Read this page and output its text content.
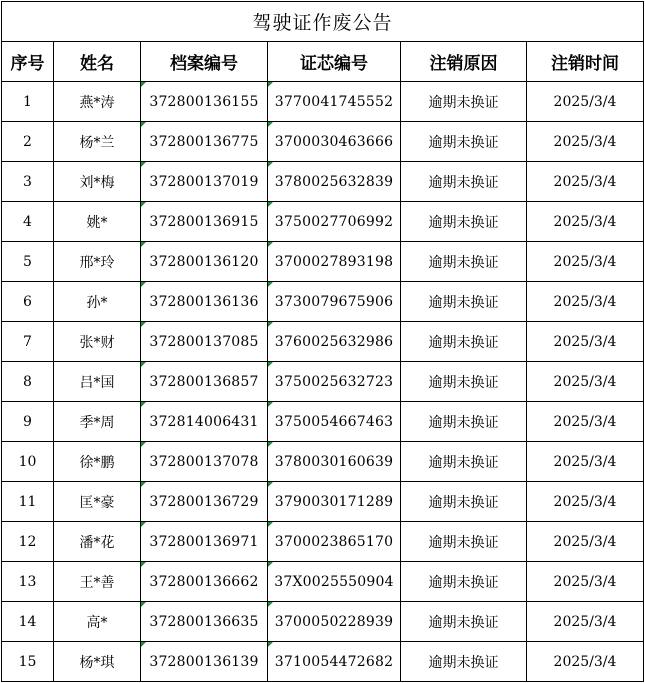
驾驶证作废公告					
序号	姓名	档案编号	证芯编号	注销原因	注销时间
1	燕*涛	372800136155	3770041745552	逾期未换证	2025/3/4
2	杨*兰	372800136775	3700030463666	逾期未换证	2025/3/4
3	刘*梅	372800137019	3780025632839	逾期未换证	2025/3/4
4	姚*	372800136915	3750027706992	逾期未换证	2025/3/4
5	邢*玲	372800136120	3700027893198	逾期未换证	2025/3/4
6	孙*	372800136136	3730079675906	逾期未换证	2025/3/4
7	张*财	372800137085	3760025632986	逾期未换证	2025/3/4
8	吕*国	372800136857	3750025632723	逾期未换证	2025/3/4
9	季*周	372814006431	3750054667463	逾期未换证	2025/3/4
10	徐*鹏	372800137078	3780030160639	逾期未换证	2025/3/4
11	匡*豪	372800136729	3790030171289	逾期未换证	2025/3/4
12	潘*花	372800136971	3700023865170	逾期未换证	2025/3/4
13	王*善	372800136662	37X0025550904	逾期未换证	2025/3/4
14	高*	372800136635	3700050228939	逾期未换证	2025/3/4
15	杨*琪	372800136139	3710054472682	逾期未换证	2025/3/4
